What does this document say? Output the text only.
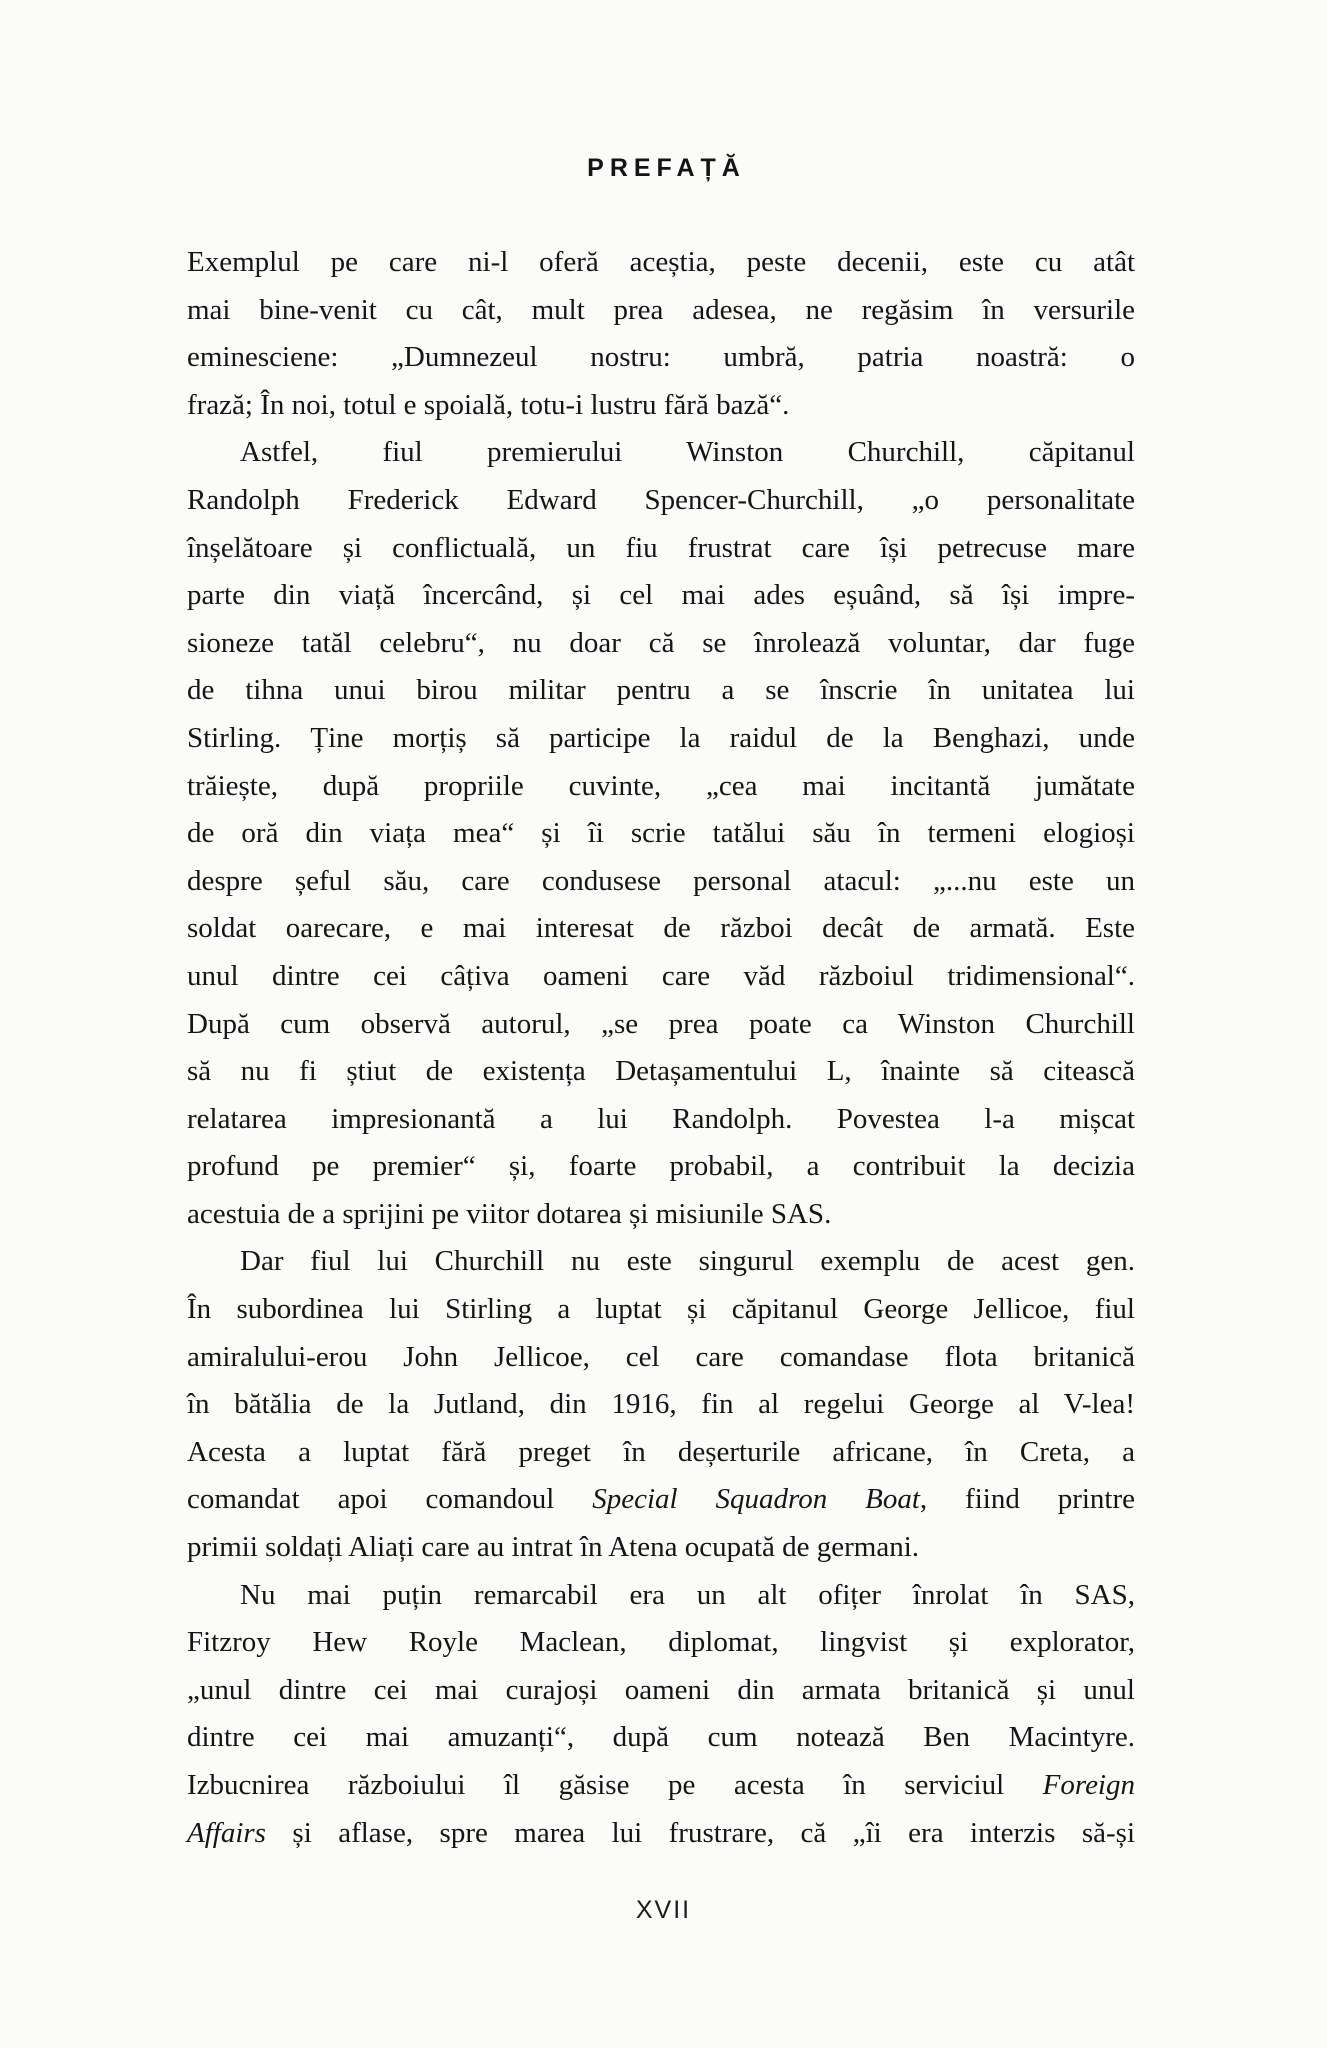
PREFAȚĂ
Exemplul pe care ni-l oferă aceștia, peste decenii, este cu atât
mai bine-venit cu cât, mult prea adesea, ne regăsim în versurile
eminesciene: „Dumnezeul nostru: umbră, patria noastră: o
frază; În noi, totul e spoială, totu-i lustru fără bază“.
Astfel, fiul premierului Winston Churchill, căpitanul
Randolph Frederick Edward Spencer-Churchill, „o personalitate
înșelătoare și conflictuală, un fiu frustrat care își petrecuse mare
parte din viață încercând, și cel mai ades eșuând, să își impre-
sioneze tatăl celebru“, nu doar că se înrolează voluntar, dar fuge
de tihna unui birou militar pentru a se înscrie în unitatea lui
Stirling. Ține morțiș să participe la raidul de la Benghazi, unde
trăiește, după propriile cuvinte, „cea mai incitantă jumătate
de oră din viața mea“ și îi scrie tatălui său în termeni elogioși
despre șeful său, care condusese personal atacul: „...nu este un
soldat oarecare, e mai interesat de război decât de armată. Este
unul dintre cei câțiva oameni care văd războiul tridimensional“.
După cum observă autorul, „se prea poate ca Winston Churchill
să nu fi știut de existența Detașamentului L, înainte să citească
relatarea impresionantă a lui Randolph. Povestea l-a mișcat
profund pe premier“ și, foarte probabil, a contribuit la decizia
acestuia de a sprijini pe viitor dotarea și misiunile SAS.
Dar fiul lui Churchill nu este singurul exemplu de acest gen.
În subordinea lui Stirling a luptat și căpitanul George Jellicoe, fiul
amiralului-erou John Jellicoe, cel care comandase flota britanică
în bătălia de la Jutland, din 1916, fin al regelui George al V-lea!
Acesta a luptat fără preget în deșerturile africane, în Creta, a
comandat apoi comandoul Special Squadron Boat, fiind printre
primii soldați Aliați care au intrat în Atena ocupată de germani.
Nu mai puțin remarcabil era un alt ofițer înrolat în SAS,
Fitzroy Hew Royle Maclean, diplomat, lingvist și explorator,
„unul dintre cei mai curajoși oameni din armata britanică și unul
dintre cei mai amuzanți“, după cum notează Ben Macintyre.
Izbucnirea războiului îl găsise pe acesta în serviciul Foreign
Affairs și aflase, spre marea lui frustrare, că „îi era interzis să-și
XVII
